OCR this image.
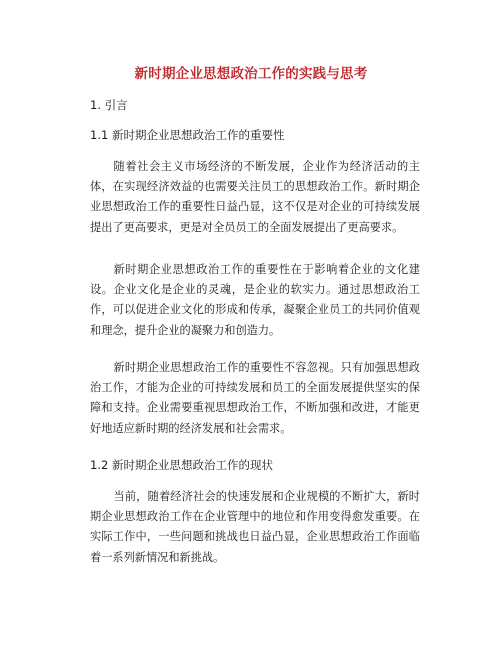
新时期企业思想政治工作的实践与思考
1. 引言
1.1 新时期企业思想政治工作的重要性
随着社会主义市场经济的不断发展，企业作为经济活动的主体，在实现经济效益的也需要关注员工的思想政治工作。新时期企业思想政治工作的重要性日益凸显，这不仅是对企业的可持续发展提出了更高要求，更是对全员员工的全面发展提出了更高要求。
新时期企业思想政治工作的重要性在于影响着企业的文化建设。企业文化是企业的灵魂，是企业的软实力。通过思想政治工作，可以促进企业文化的形成和传承，凝聚企业员工的共同价值观和理念，提升企业的凝聚力和创造力。
新时期企业思想政治工作的重要性不容忽视。只有加强思想政治工作，才能为企业的可持续发展和员工的全面发展提供坚实的保障和支持。企业需要重视思想政治工作，不断加强和改进，才能更好地适应新时期的经济发展和社会需求。
1.2 新时期企业思想政治工作的现状
当前，随着经济社会的快速发展和企业规模的不断扩大，新时期企业思想政治工作在企业管理中的地位和作用变得愈发重要。在实际工作中，一些问题和挑战也日益凸显，企业思想政治工作面临着一系列新情况和新挑战。
